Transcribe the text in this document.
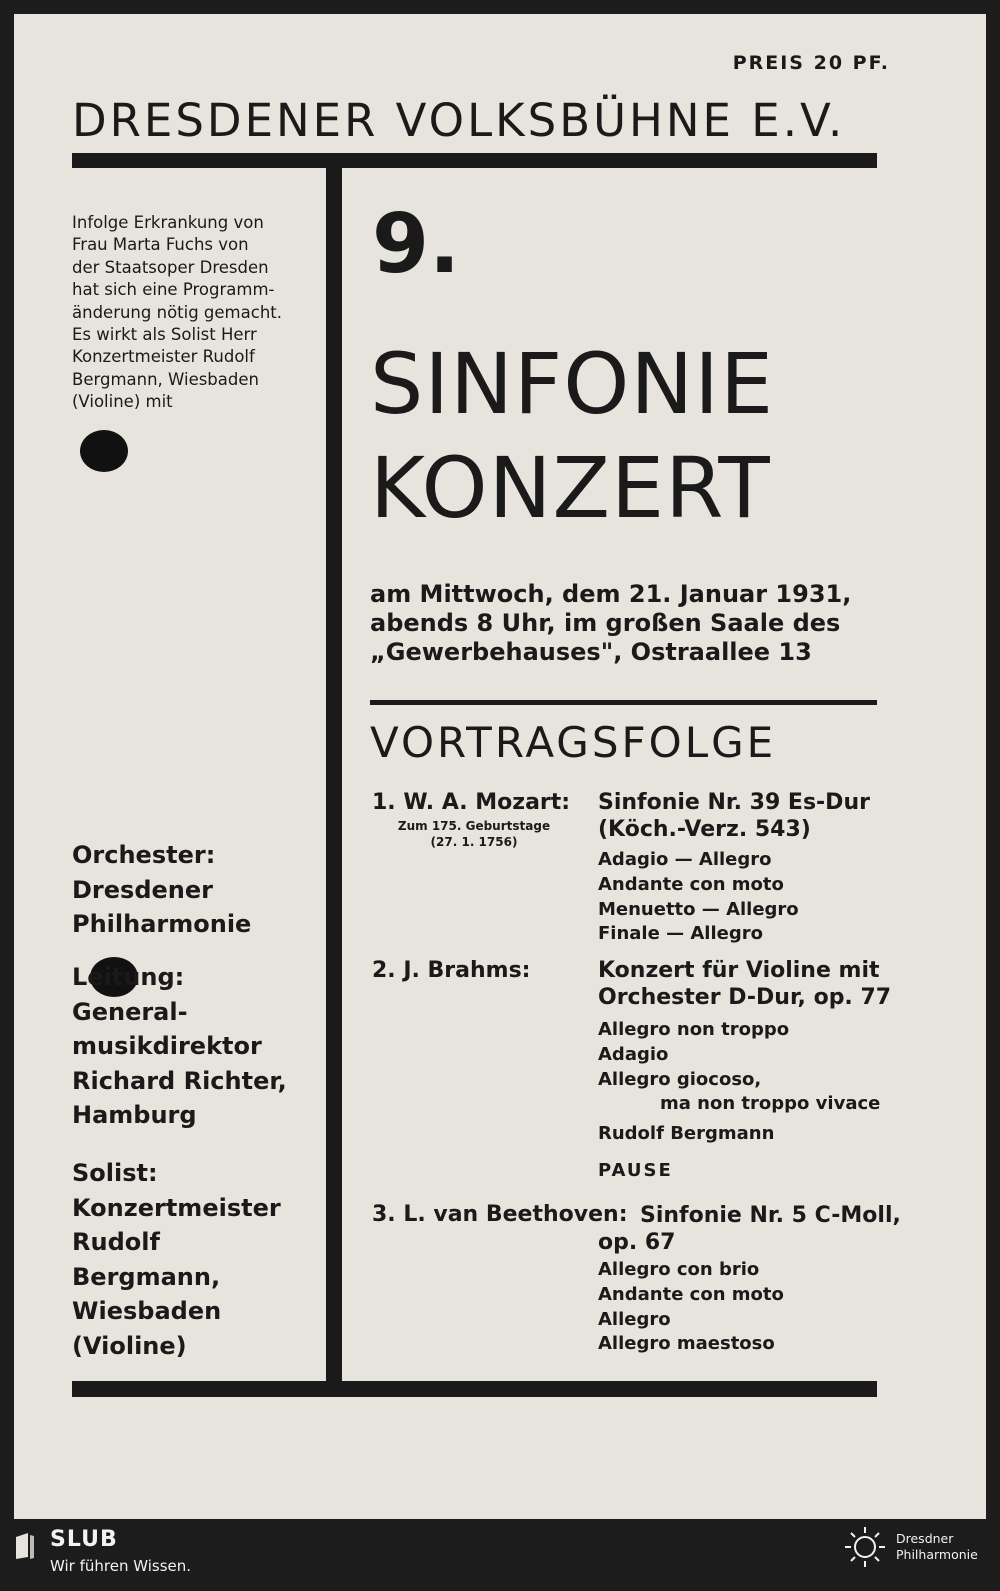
PREIS 20 PF.
DRESDENER VOLKSBÜHNE E.V.
Infolge Erkrankung von
Frau Marta Fuchs von
der Staatsoper Dresden
hat sich eine Programm-
änderung nötig gemacht.
Es wirkt als Solist Herr
Konzertmeister Rudolf
Bergmann, Wiesbaden
(Violine) mit
Orchester:
Dresdener
Philharmonie
Leitung:
General-
musikdirektor
Richard Richter,
Hamburg
Solist:
Konzertmeister
Rudolf
Bergmann,
Wiesbaden
(Violine)
9.
SINFONIE
KONZERT
am Mittwoch, dem 21. Januar 1931,
abends 8 Uhr, im großen Saale des
„Gewerbehauses", Ostraallee 13
VORTRAGSFOLGE
1. W. A. Mozart:
Zum 175. Geburtstage
(27. 1. 1756)
Sinfonie Nr. 39 Es-Dur
(Köch.-Verz. 543)
Adagio — Allegro
Andante con moto
Menuetto — Allegro
Finale — Allegro
2. J. Brahms:	Konzert für Violine mit
Orchester D-Dur, op. 77
Allegro non troppo
Adagio
Allegro giocoso,
ma non troppo vivace
Rudolf Bergmann
PAUSE
3. L. van Beethoven: Sinfonie Nr. 5 C-Moll,
op. 67
Allegro con brio
Andante con moto
Allegro
Allegro maestoso
SLUB
Wir führen Wissen.
Dresdner
Philharmonie
